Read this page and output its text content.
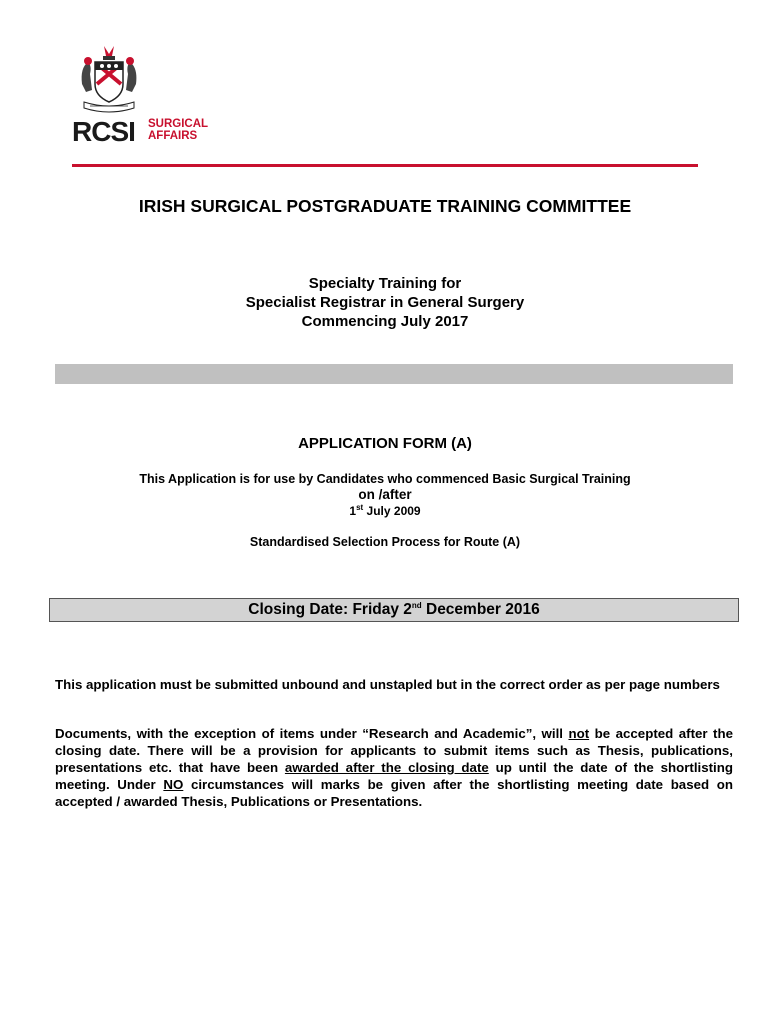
RCSI SURGICAL
AFFAIRS
IRISH SURGICAL POSTGRADUATE TRAINING COMMITTEE
Specialty Training for
Specialist Registrar in General Surgery
Commencing July 2017
APPLICATION FORM (A)
This Application is for use by Candidates who commenced Basic Surgical Training
on /after
1st July 2009
Standardised Selection Process for Route (A)
Closing Date: Friday 2nd December 2016
This application must be submitted unbound and unstapled but in the correct order as per page numbers
Documents, with the exception of items under “Research and Academic”, will not be accepted after the closing date. There will be a provision for applicants to submit items such as Thesis, publications, presentations etc. that have been awarded after the closing date up until the date of the shortlisting meeting. Under NO circumstances will marks be given after the shortlisting meeting date based on accepted / awarded Thesis, Publications or Presentations.
